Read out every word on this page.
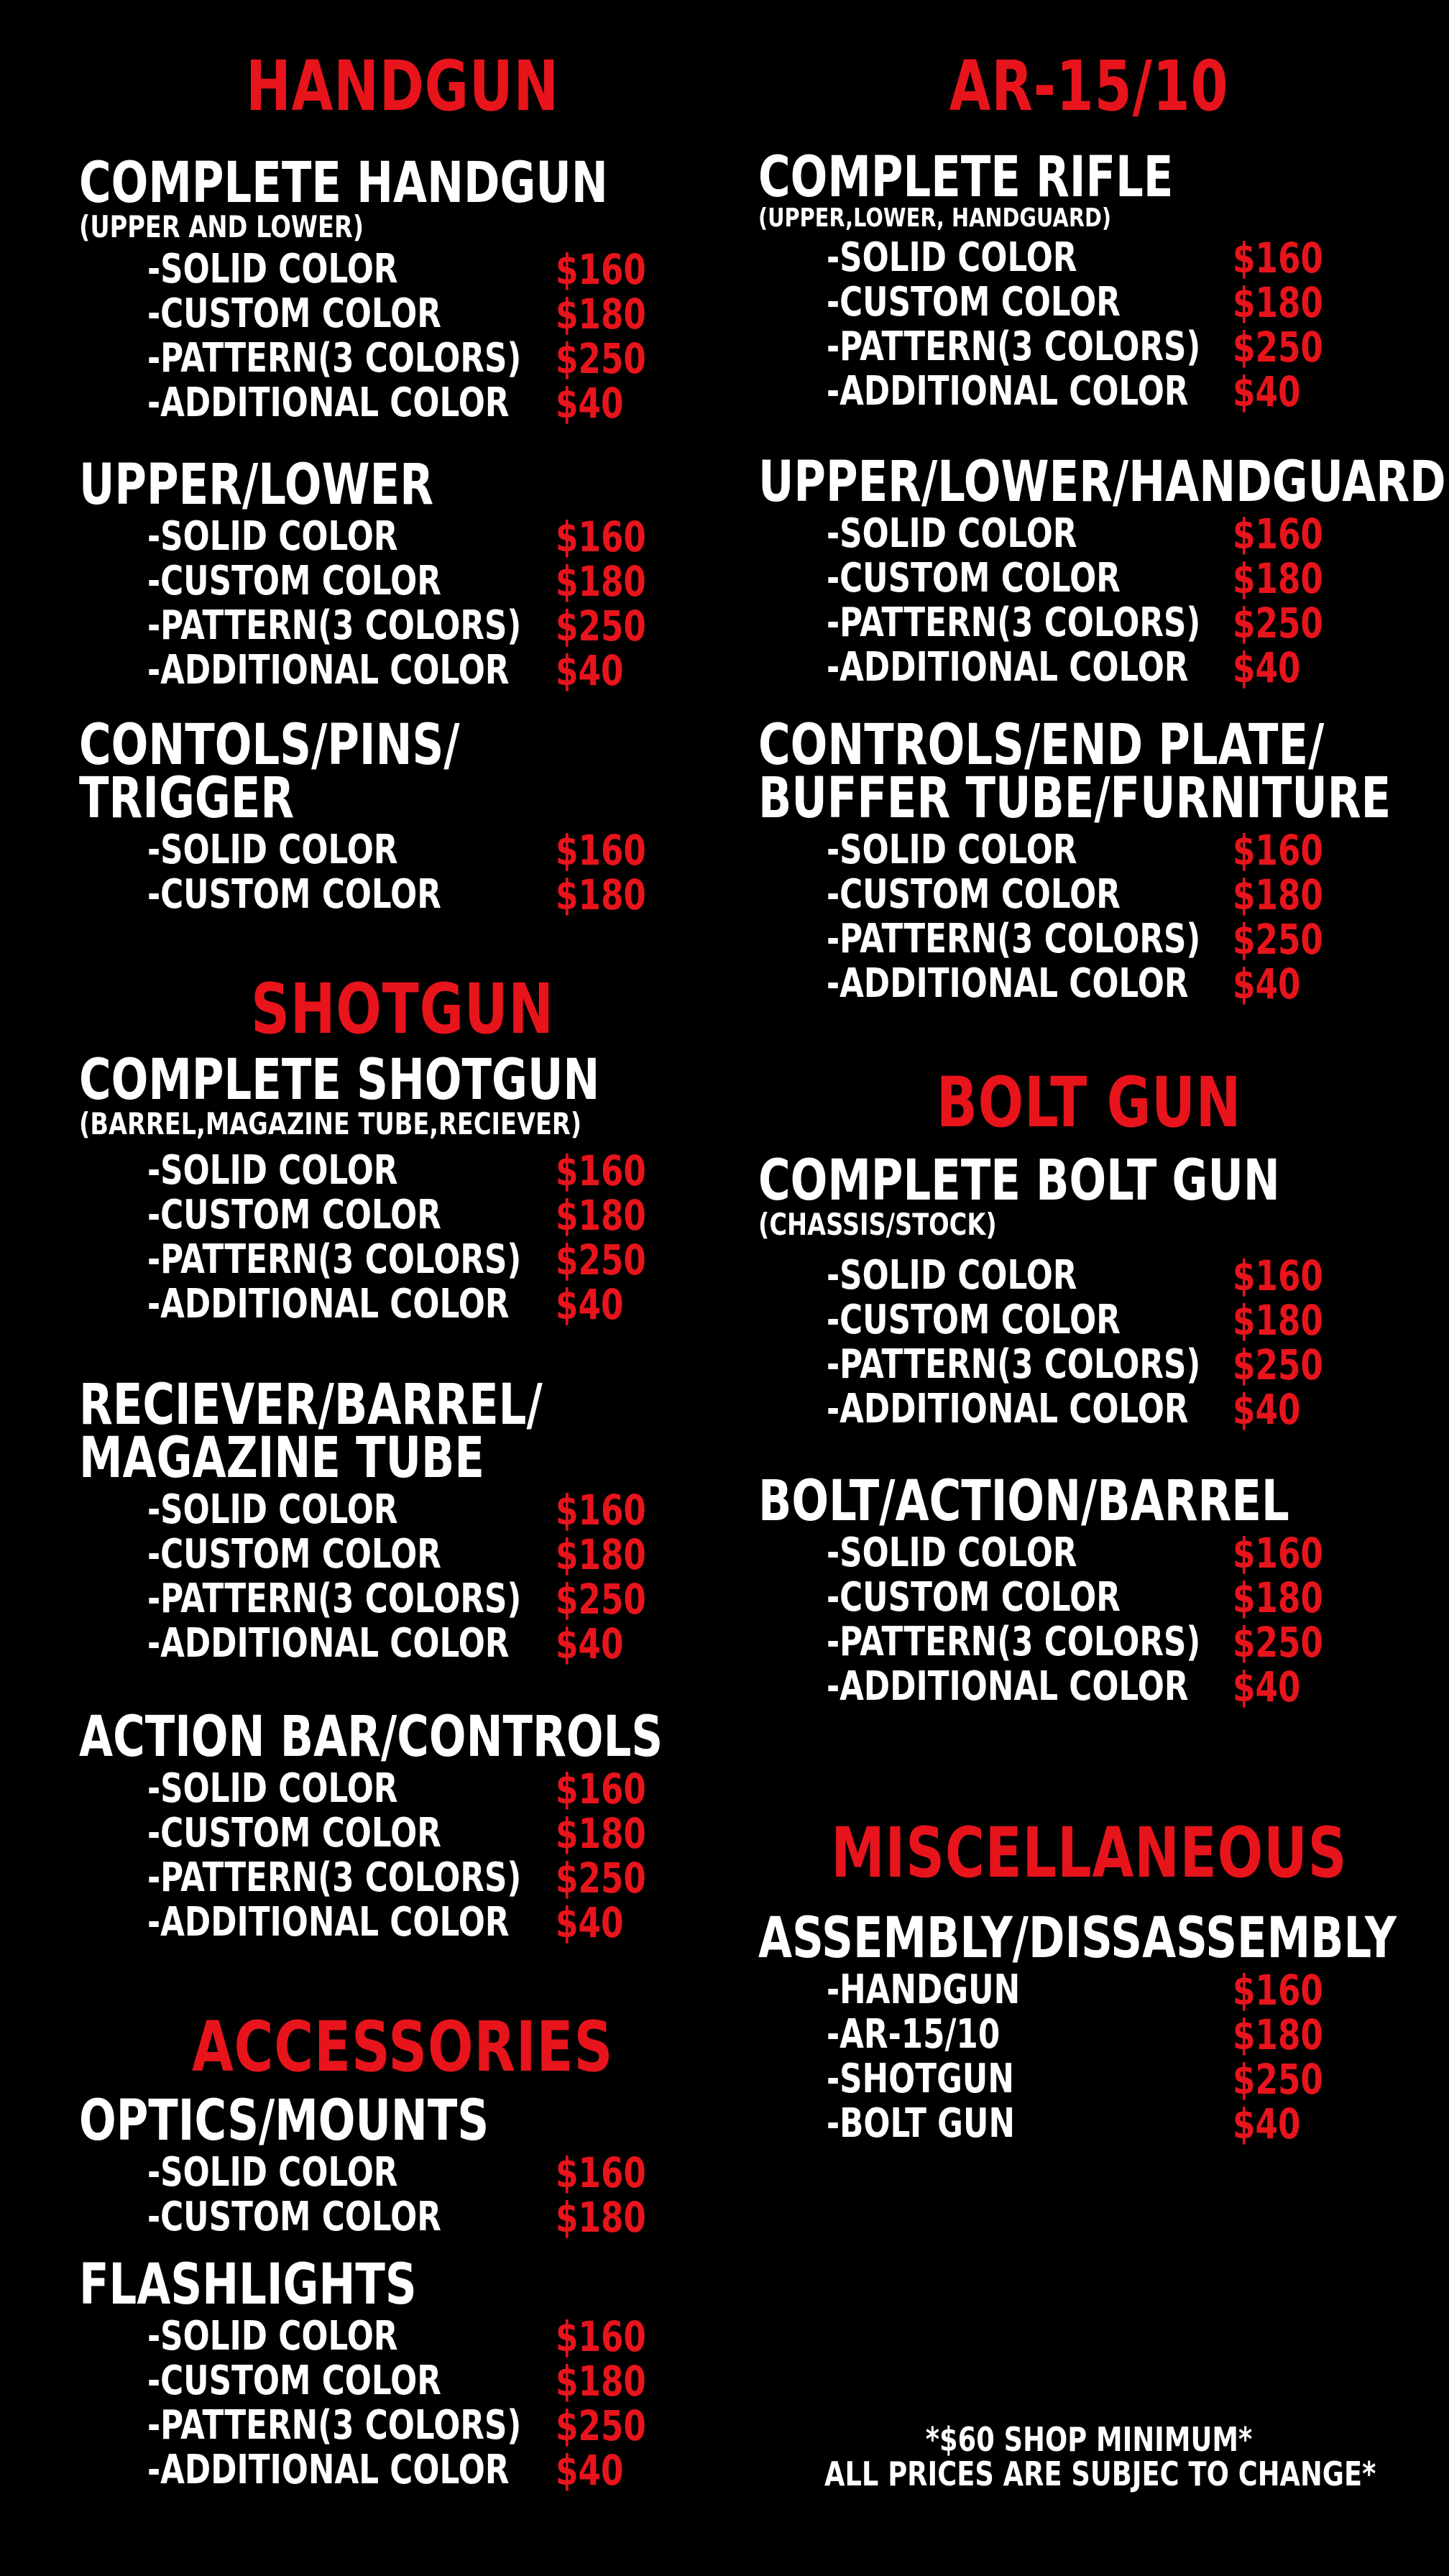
HANDGUN
COMPLETE HANDGUN
(UPPER AND LOWER)
-SOLID COLOR	$160
-CUSTOM COLOR	$180
-PATTERN(3 COLORS) $250
-ADDITIONAL COLOR $40
UPPER/LOWER
-SOLID COLOR	$160
-CUSTOM COLOR	$180
-PATTERN(3 COLORS) $250
-ADDITIONAL COLOR $40
CONTOLS/PINS/
TRIGGER
-SOLID COLOR	$160
-CUSTOM COLOR	$180
SHOTGUN
COMPLETE SHOTGUN
(BARREL,MAGAZINE TUBE,RECIEVER)
-SOLID COLOR	$160
-CUSTOM COLOR	$180
-PATTERN(3 COLORS) $250
-ADDITIONAL COLOR $40
RECIEVER/BARREL/
MAGAZINE TUBE
-SOLID COLOR	$160
-CUSTOM COLOR	$180
-PATTERN(3 COLORS) $250
-ADDITIONAL COLOR $40
ACTION BAR/CONTROLS
-SOLID COLOR	$160
-CUSTOM COLOR	$180
-PATTERN(3 COLORS) $250
-ADDITIONAL COLOR $40
ACCESSORIES
OPTICS/MOUNTS
-SOLID COLOR	$160
-CUSTOM COLOR	$180
FLASHLIGHTS
-SOLID COLOR	$160
-CUSTOM COLOR	$180
-PATTERN(3 COLORS) $250
-ADDITIONAL COLOR $40
AR-15/10
COMPLETE RIFLE
(UPPER,LOWER, HANDGUARD)
-SOLID COLOR	$160
-CUSTOM COLOR	$180
-PATTERN(3 COLORS) $250
-ADDITIONAL COLOR $40
UPPER/LOWER/HANDGUARD
-SOLID COLOR	$160
-CUSTOM COLOR	$180
-PATTERN(3 COLORS) $250
-ADDITIONAL COLOR $40
CONTROLS/END PLATE/
BUFFER TUBE/FURNITURE
-SOLID COLOR	$160
-CUSTOM COLOR	$180
-PATTERN(3 COLORS) $250
-ADDITIONAL COLOR $40
BOLT GUN
COMPLETE BOLT GUN
(CHASSIS/STOCK)
-SOLID COLOR	$160
-CUSTOM COLOR	$180
-PATTERN(3 COLORS) $250
-ADDITIONAL COLOR $40
BOLT/ACTION/BARREL
-SOLID COLOR	$160
-CUSTOM COLOR	$180
-PATTERN(3 COLORS) $250
-ADDITIONAL COLOR $40
MISCELLANEOUS
ASSEMBLY/DISSASSEMBLY
-HANDGUN	$160
-AR-15/10	$180
-SHOTGUN	$250
-BOLT GUN	$40
*$60 SHOP MINIMUM*
ALL PRICES ARE SUBJEC TO CHANGE*
